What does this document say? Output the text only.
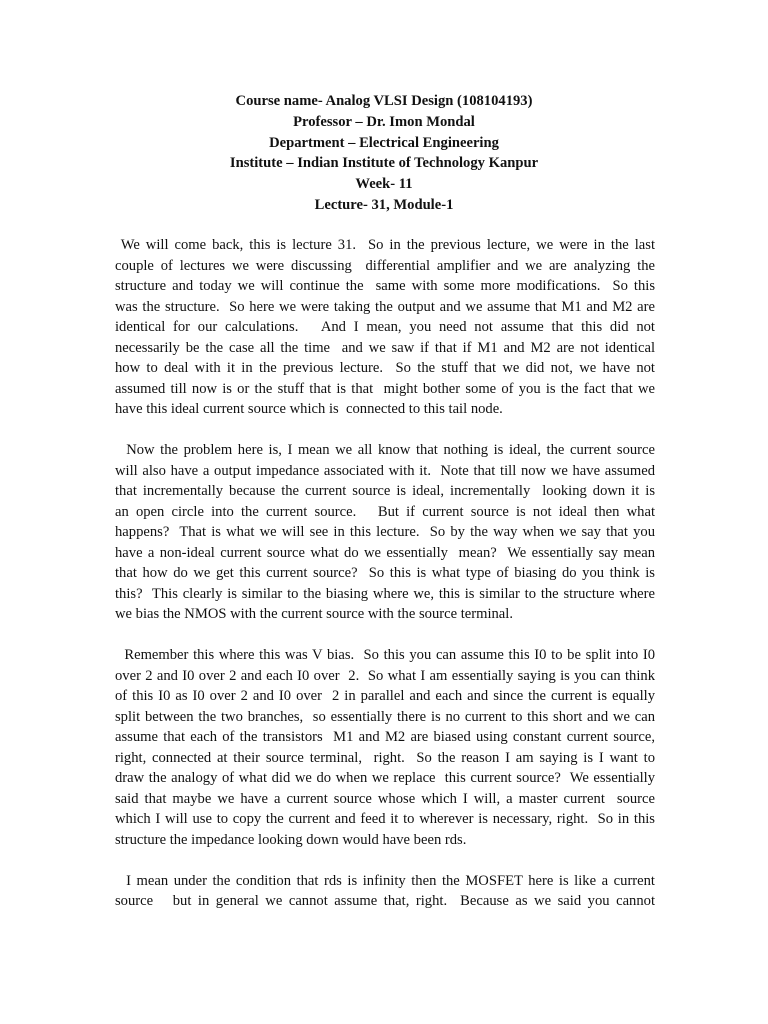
Course name- Analog VLSI Design (108104193)
Professor – Dr. Imon Mondal
Department – Electrical Engineering
Institute – Indian Institute of Technology Kanpur
Week- 11
Lecture- 31, Module-1
We will come back, this is lecture 31.  So in the previous lecture, we were in the last
couple of lectures we were discussing  differential amplifier and we are analyzing the
structure and today we will continue the  same with some more modifications.  So this
was the structure.  So here we were taking the output and we assume that M1 and M2 are
identical for our calculations.   And I mean, you need not assume that this did not
necessarily be the case all the time  and we saw if that if M1 and M2 are not identical
how to deal with it in the previous lecture.  So the stuff that we did not, we have not
assumed till now is or the stuff that is that  might bother some of you is the fact that we
have this ideal current source which is  connected to this tail node.
Now the problem here is, I mean we all know that nothing is ideal, the current source
will also have a output impedance associated with it.  Note that till now we have assumed
that incrementally because the current source is ideal, incrementally  looking down it is
an open circle into the current source.   But if current source is not ideal then what
happens?  That is what we will see in this lecture.  So by the way when we say that you
have a non-ideal current source what do we essentially  mean?  We essentially say mean
that how do we get this current source?  So this is what type of biasing do you think is
this?  This clearly is similar to the biasing where we, this is similar to the structure where
we bias the NMOS with the current source with the source terminal.
Remember this where this was V bias.  So this you can assume this I0 to be split into I0
over 2 and I0 over 2 and each I0 over  2.  So what I am essentially saying is you can think
of this I0 as I0 over 2 and I0 over  2 in parallel and each and since the current is equally
split between the two branches,  so essentially there is no current to this short and we can
assume that each of the transistors  M1 and M2 are biased using constant current source,
right, connected at their source terminal,  right.  So the reason I am saying is I want to
draw the analogy of what did we do when we replace  this current source?  We essentially
said that maybe we have a current source whose which I will, a master current  source
which I will use to copy the current and feed it to wherever is necessary, right.  So in this
structure the impedance looking down would have been rds.
I mean under the condition that rds is infinity then the MOSFET here is like a current
source   but in general we cannot assume that, right.  Because as we said you cannot
